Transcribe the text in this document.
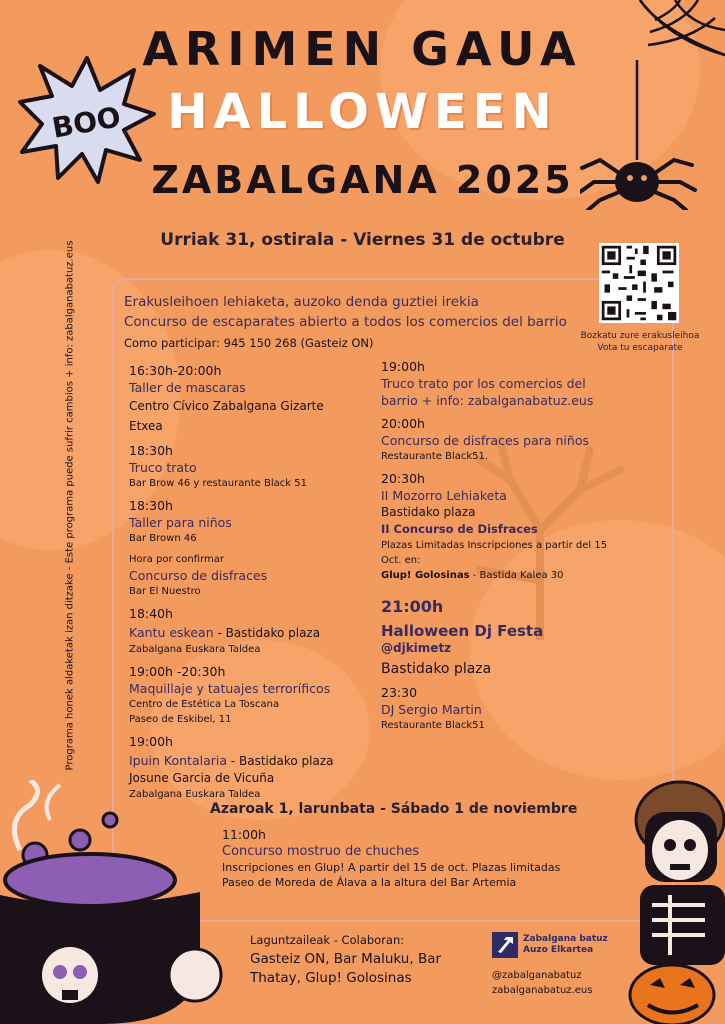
ARIMEN GAUA
HALLOWEEN
ZABALGANA 2025
BOO
Urriak 31, ostirala - Viernes 31 de octubre
Programa honek aldaketak izan ditzake - Este programa puede sufrir cambios + info: zabalganabatuz.eus	Bozkatu zure erakusleihoa
Vota tu escaparate
Erakusleihoen lehiaketa, auzoko denda guztiei irekia
Concurso de escaparates abierto a todos los comercios del barrio
Como participar: 945 150 268 (Gasteiz ON)
16:30h-20:00h
Taller de mascaras
Centro Cívico Zabalgana Gizarte Etxea
18:30h
Truco trato
Bar Brow 46 y restaurante Black 51
18:30h
Taller para niños
Bar Brown 46
Hora por confirmar
Concurso de disfraces
Bar El Nuestro
18:40h
Kantu eskean - Bastidako plaza
Zabalgana Euskara Taldea
19:00h -20:30h
Maquillaje y tatuajes terroríficos
Centro de Estética La Toscana
Paseo de Eskibel, 11
19:00h
Ipuin Kontalaria - Bastidako plaza
Josune Garcia de Vicuña
Zabalgana Euskara Taldea
19:00h
Truco trato por los comercios del barrio + info: zabalganabatuz.eus
20:00h
Concurso de disfraces para niños
Restaurante Black51.
20:30h
II Mozorro Lehiaketa
Bastidako plaza
II Concurso de Disfraces
Plazas Limitadas Inscripciones a partir del 15 Oct. en:
Glup! Golosinas - Bastida Kalea 30
21:00h
Halloween Dj Festa
@djkimetz
Bastidako plaza
23:30
DJ Sergio Martin
Restaurante Black51
Azaroak 1, larunbata - Sábado 1 de noviembre
11:00h
Concurso mostruo de chuches
Inscripciones en Glup! A partir del 15 de oct. Plazas limitadas
Paseo de Moreda de Álava a la altura del Bar Artemia
Laguntzaileak - Colaboran:
Gasteiz ON, Bar Maluku, Bar Thatay, Glup! Golosinas
Zabalgana batuz
Auzo Elkartea
@zabalganabatuz
zabalganabatuz.eus
